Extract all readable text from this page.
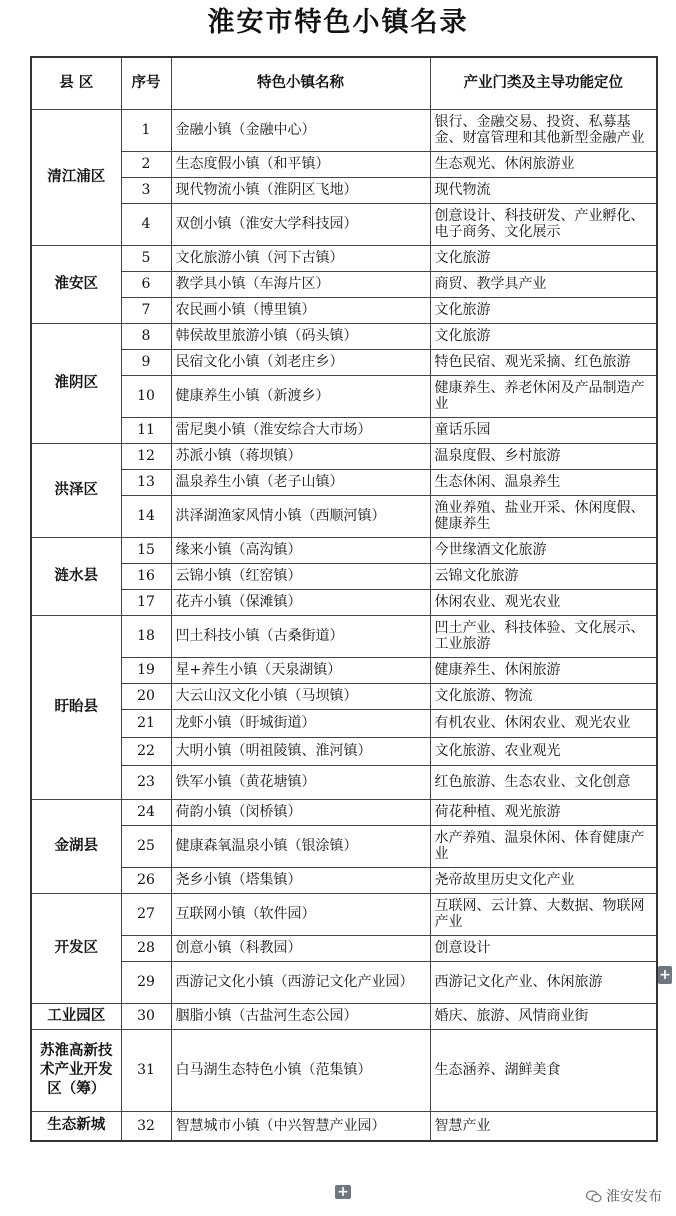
淮安市特色小镇名录
县 区	序号	特色小镇名称	产业门类及主导功能定位
清江浦区	1	金融小镇（金融中心）	银行、金融交易、投资、私募基金、财富管理和其他新型金融产业
	2	生态度假小镇（和平镇）	生态观光、休闲旅游业
	3	现代物流小镇（淮阴区飞地）	现代物流
	4	双创小镇（淮安大学科技园）	创意设计、科技研发、产业孵化、电子商务、文化展示
淮安区	5	文化旅游小镇（河下古镇）	文化旅游
	6	教学具小镇（车海片区）	商贸、教学具产业
	7	农民画小镇（博里镇）	文化旅游
淮阴区	8	韩侯故里旅游小镇（码头镇）	文化旅游
	9	民宿文化小镇（刘老庄乡）	特色民宿、观光采摘、红色旅游
	10	健康养生小镇（新渡乡）	健康养生、养老休闲及产品制造产业
	11	雷尼奥小镇（淮安综合大市场）	童话乐园
洪泽区	12	苏派小镇（蒋坝镇）	温泉度假、乡村旅游
	13	温泉养生小镇（老子山镇）	生态休闲、温泉养生
	14	洪泽湖渔家风情小镇（西顺河镇）	渔业养殖、盐业开采、休闲度假、健康养生
涟水县	15	缘来小镇（高沟镇）	今世缘酒文化旅游
	16	云锦小镇（红窑镇）	云锦文化旅游
	17	花卉小镇（保滩镇）	休闲农业、观光农业
盱眙县	18	凹土科技小镇（古桑街道）	凹土产业、科技体验、文化展示、工业旅游
	19	星+养生小镇（天泉湖镇）	健康养生、休闲旅游
	20	大云山汉文化小镇（马坝镇）	文化旅游、物流
	21	龙虾小镇（盱城街道）	有机农业、休闲农业、观光农业
	22	大明小镇（明祖陵镇、淮河镇）	文化旅游、农业观光
	23	铁军小镇（黄花塘镇）	红色旅游、生态农业、文化创意
金湖县	24	荷韵小镇（闵桥镇）	荷花种植、观光旅游
	25	健康森氧温泉小镇（银涂镇）	水产养殖、温泉休闲、体育健康产业
	26	尧乡小镇（塔集镇）	尧帝故里历史文化产业
开发区	27	互联网小镇（软件园）	互联网、云计算、大数据、物联网产业
	28	创意小镇（科教园）	创意设计
	29	西游记文化小镇（西游记文化产业园）	西游记文化产业、休闲旅游
工业园区	30	胭脂小镇（古盐河生态公园）	婚庆、旅游、风情商业街
苏淮高新技术产业开发区（筹）	31	白马湖生态特色小镇（范集镇）	生态涵养、湖鲜美食
生态新城	32	智慧城市小镇（中兴智慧产业园）	智慧产业
+
+	淮安发布
